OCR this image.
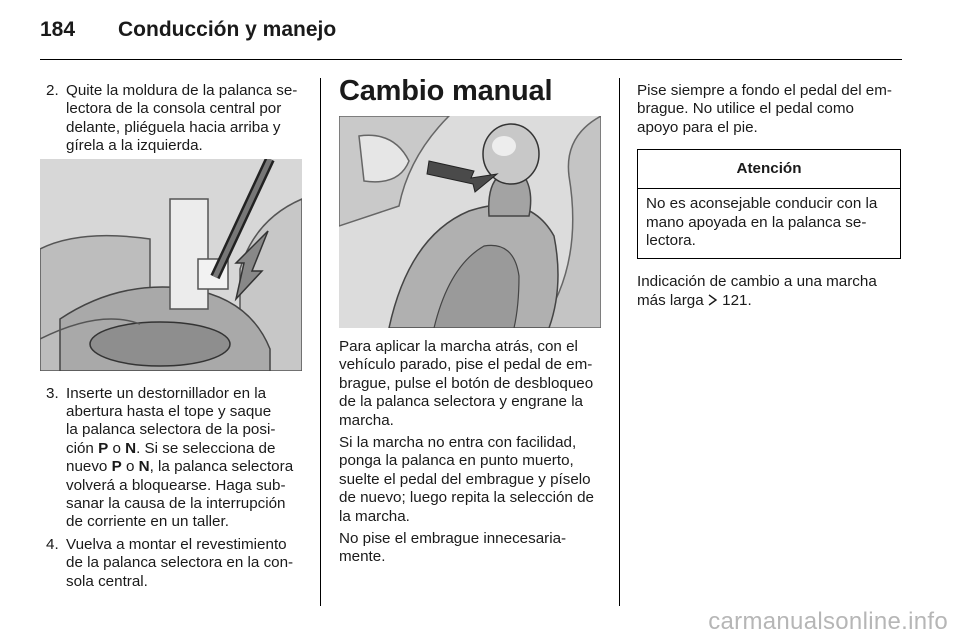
184 Conducción y manejo
2. Quite la moldura de la palanca se-
lectora de la consola central por
delante, pliéguela hacia arriba y
gírela a la izquierda.
3. Inserte un destornillador en la
abertura hasta el tope y saque
la palanca selectora de la posi-
ción P o N. Si se selecciona de
nuevo P o N, la palanca selectora
volverá a bloquearse. Haga sub-
sanar la causa de la interrupción
de corriente en un taller.
4. Vuelva a montar el revestimiento
de la palanca selectora en la con-
sola central.
Cambio manual

Para aplicar la marcha atrás, con el
vehículo parado, pise el pedal de em-
brague, pulse el botón de desbloqueo
de la palanca selectora y engrane la
marcha.

Si la marcha no entra con facilidad,
ponga la palanca en punto muerto,
suelte el pedal del embrague y píselo
de nuevo; luego repita la selección de
la marcha.

No pise el embrague innecesaria-
mente.

Pise siempre a fondo el pedal del em-
brague. No utilice el pedal como
apoyo para el pie.

Atención
No es aconsejable conducir con la
mano apoyada en la palanca se-
lectora.

Indicación de cambio a una marcha
más larga  121.

carmanualsonline.info
